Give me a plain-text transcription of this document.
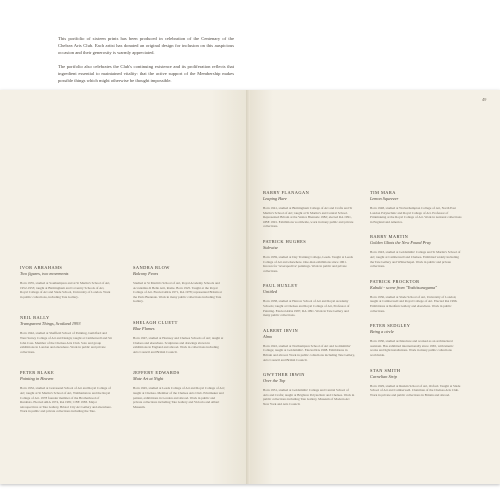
49

This portfolio of sixteen prints has been produced in celebration of the Centenary of the Chelsea Arts Club. Each artist has donated an original design for inclusion on this auspicious occasion and their generosity is warmly appreciated.

The portfolio also celebrates the Club's continuing existence and its proliferation reflects that ingredient essential to maintained vitality: that the active support of the Membership makes possible things which might otherwise be thought impossible.

IVOR ABRAHAMS

Two figures, two movements

Born 1935, studied at Southampton and at St Martin's School of Art, 1952-1953; taught at Birmingham and Coventry Schools of Art, Royal College of Art and Slade School, University of London. Work in public collections, including Tate Gallery.

NEIL BALLY

Transparent Things, Scotland 1993

Born 1942, studied at Sheffield School of Painting, Guildford and West Surrey College of Art and Design; taught at Camberwell and Sir John Cass. Member of the Chelsea Arts Club. Solo and group exhibitions in London and elsewhere. Work in public and private collections.

PETER BLAKE

Painting in Heaven

Born 1932, studied at Gravesend School of Art and Royal College of Art; taught at St Martin's School of Art, Walthamstow and the Royal College of Art. 1978 founder member of the Brotherhood of Ruralists. Elected ARA 1974, RA 1981; CBE 1983. Major retrospectives at Tate Gallery, Bristol City Art Gallery and elsewhere. Work in public and private collections including the Tate.

SANDRA BLOW

Balcony Fears

Studied at St Martin's School of Art, Royal Academy Schools and Accademia di Belle Arti, Rome. Born 1925. Taught at the Royal College of Art. Elected ARA 1971, RA 1978; represented Britain at the Paris Biennale. Work in many public collections including Tate Gallery.

SHELAGH CLUETT

Blue Flames

Born 1947, studied at Hornsey and Chelsea Schools of Art; taught at Chelsea and elsewhere. Sculptures and drawings shown in exhibitions in England and abroad. Work in collections including Arts Council and British Council.

JEFFERY EDWARDS

Mute Art at Night

Born 1945, studied at Leeds College of Art and Royal College of Art; taught at Chelsea. Member of the Chelsea Arts Club. Printmaker and painter, exhibitions in London and abroad. Work in public and private collections including Tate Gallery and Victoria and Albert Museum.

BARRY FLANAGAN

Leaping Hare

Born 1941, studied at Birmingham College of Art and Crafts and St Martin's School of Art; taught at St Martin's and Central School. Represented Britain at the Venice Biennale 1982; elected RA 1991, OBE 1991. Exhibitions worldwide, work in many public and private collections.

PATRICK HUGHES

Sidewise

Born 1939, studied at Day Training College, Leeds. Taught at Leeds College of Art and elsewhere. One-man exhibitions since 1961. Known for 'reverspective' paintings. Work in public and private collections.

PAUL HUXLEY

Untitled

Born 1938, studied at Harrow School of Art and Royal Academy Schools; taught at Chelsea and Royal College of Art, Professor of Painting. Elected ARA 1987, RA 1991. Work in Tate Gallery and many public collections.

ALBERT IRVIN

Almo

Born 1922, studied at Northampton School of Art and Goldsmiths' College; taught at Goldsmiths'. Elected RA 1998. Exhibitions in Britain and abroad. Work in public collections including Tate Gallery, Arts Council and British Council.

GWYTHER IRWIN

Over the Top

Born 1931, studied at Goldsmiths' College and Central School of Arts and Crafts; taught at Brighton Polytechnic and Chelsea. Work in public collections including Tate Gallery, Museum of Modern Art New York and Arts Council.

TIM MARA

Lemon Squeezer

Born 1948, studied at Wolverhampton College of Art, North East London Polytechnic and Royal College of Art. Professor of Printmaking at the Royal College of Art. Work in national collections in England and America.

BARRY MARTIN

Golden Glints the New Found Pray

Born 1943, studied at Goldsmiths' College and St Martin's School of Art; taught at Camberwell and Chelsea. Exhibited widely including the Tate Gallery and Whitechapel. Work in public and private collections.

PATRICK PROCKTOR

Kabuki - scene from "Yoshitsunegama"

Born 1936, studied at Slade School of Art, University of London; taught at Camberwell and Royal College of Art. Elected RA 1996. Exhibitions at Redfern Gallery and elsewhere. Work in public collections.

PETER SEDGLEY

Being a circle

Born 1930, studied architecture and worked as an architectural assistant. Has exhibited internationally since 1965, with kinetic works and light installations. Work in many public collections worldwide.

STAN SMITH

Carnelian Strip

Born 1929, studied at Ruskin School of Art, Oxford. Taught at Slade School of Art and Camberwell. Chairman of the Chelsea Arts Club. Work in private and public collections in Britain and abroad.
